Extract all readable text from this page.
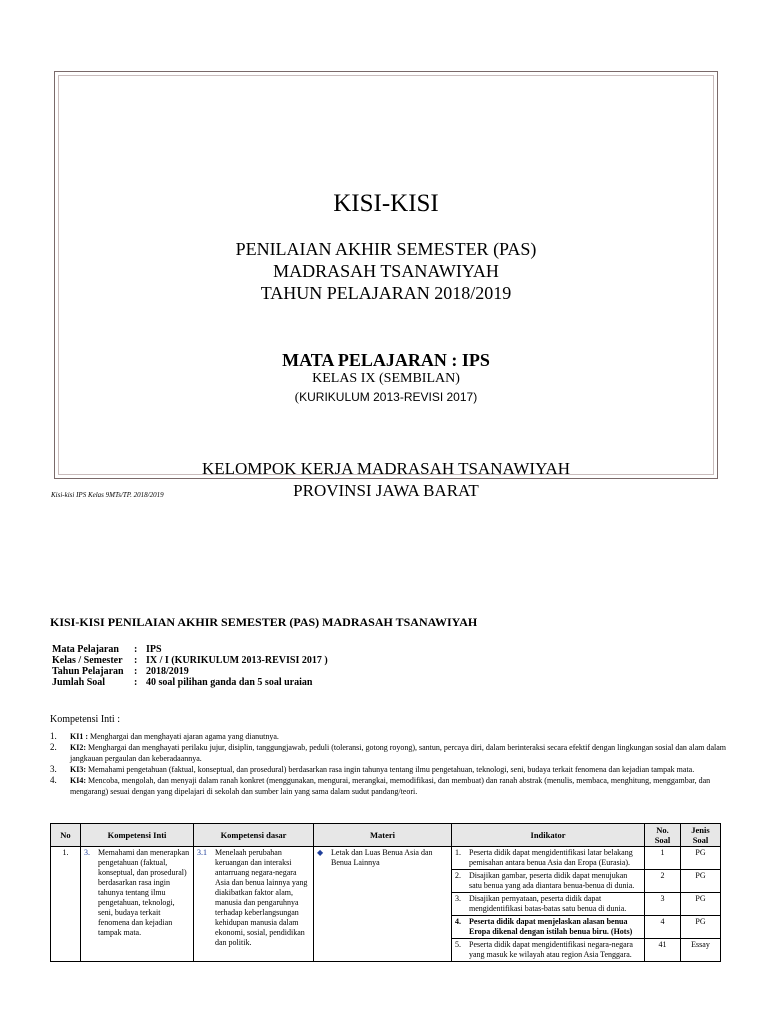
KISI-KISI
PENILAIAN AKHIR SEMESTER (PAS)
MADRASAH TSANAWIYAH
TAHUN PELAJARAN 2018/2019
MATA PELAJARAN : IPS
KELAS IX (SEMBILAN)
(KURIKULUM 2013-REVISI 2017)
KELOMPOK KERJA MADRASAH TSANAWIYAH
PROVINSI JAWA BARAT
Kisi-kisi IPS Kelas 9MTs/TP. 2018/2019
KISI-KISI PENILAIAN AKHIR SEMESTER (PAS) MADRASAH TSANAWIYAH
Mata Pelajaran	: IPS
Kelas / Semester	: IX / I (KURIKULUM 2013-REVISI 2017 )
Tahun Pelajaran	: 2018/2019
Jumlah Soal	: 40 soal pilihan ganda dan 5 soal uraian
Kompetensi Inti :
1.	KI1 : Menghargai dan menghayati ajaran agama yang dianutnya.
2.	KI2: Menghargai dan menghayati perilaku jujur, disiplin, tanggungjawab, peduli (toleransi, gotong royong), santun, percaya diri, dalam berinteraksi secara efektif dengan lingkungan sosial dan alam dalam jangkauan pergaulan dan keberadaannya.
3.	KI3: Memahami pengetahuan (faktual, konseptual, dan prosedural) berdasarkan rasa ingin tahunya tentang ilmu pengetahuan, teknologi, seni, budaya terkait fenomena dan kejadian tampak mata.
4.	KI4: Mencoba, mengolah, dan menyaji dalam ranah konkret (menggunakan, mengurai, merangkai, memodifikasi, dan membuat) dan ranah abstrak (menulis, membaca, menghitung, menggambar, dan mengarang) sesuai dengan yang dipelajari di sekolah dan sumber lain yang sama dalam sudut pandang/teori.
No	Kompetensi Inti	Kompetensi dasar	Materi	Indikator	No. Soal	Jenis Soal
1.	3. Memahami dan menerapkan pengetahuan (faktual, konseptual, dan prosedural) berdasarkan rasa ingin tahunya tentang ilmu pengetahuan, teknologi, seni, budaya terkait fenomena dan kejadian tampak mata.	3.1 Menelaah perubahan keruangan dan interaksi antarruang negara-negara Asia dan benua lainnya yang diakibatkan faktor alam, manusia dan pengaruhnya terhadap keberlangsungan kehidupan manusia dalam ekonomi, sosial, pendidikan dan politik.	◆ Letak dan Luas Benua Asia dan Benua Lainnya	1. Peserta didik dapat mengidentifikasi latar belakang pemisahan antara benua Asia dan Eropa (Eurasia).	1	PG

				2. Disajikan gambar, peserta didik dapat menujukan satu benua yang ada diantara benua-benua di dunia.	2	PG

				3. Disajikan pernyataan, peserta didik dapat mengidentifikasi batas-batas satu benua di dunia.	3	PG

				4. Peserta didik dapat menjelaskan alasan benua Eropa dikenal dengan istilah benua biru. (Hots)	4	PG

				5. Peserta didik dapat mengidentifikasi negara-negara yang masuk ke wilayah atau region Asia Tenggara.	41	Essay
